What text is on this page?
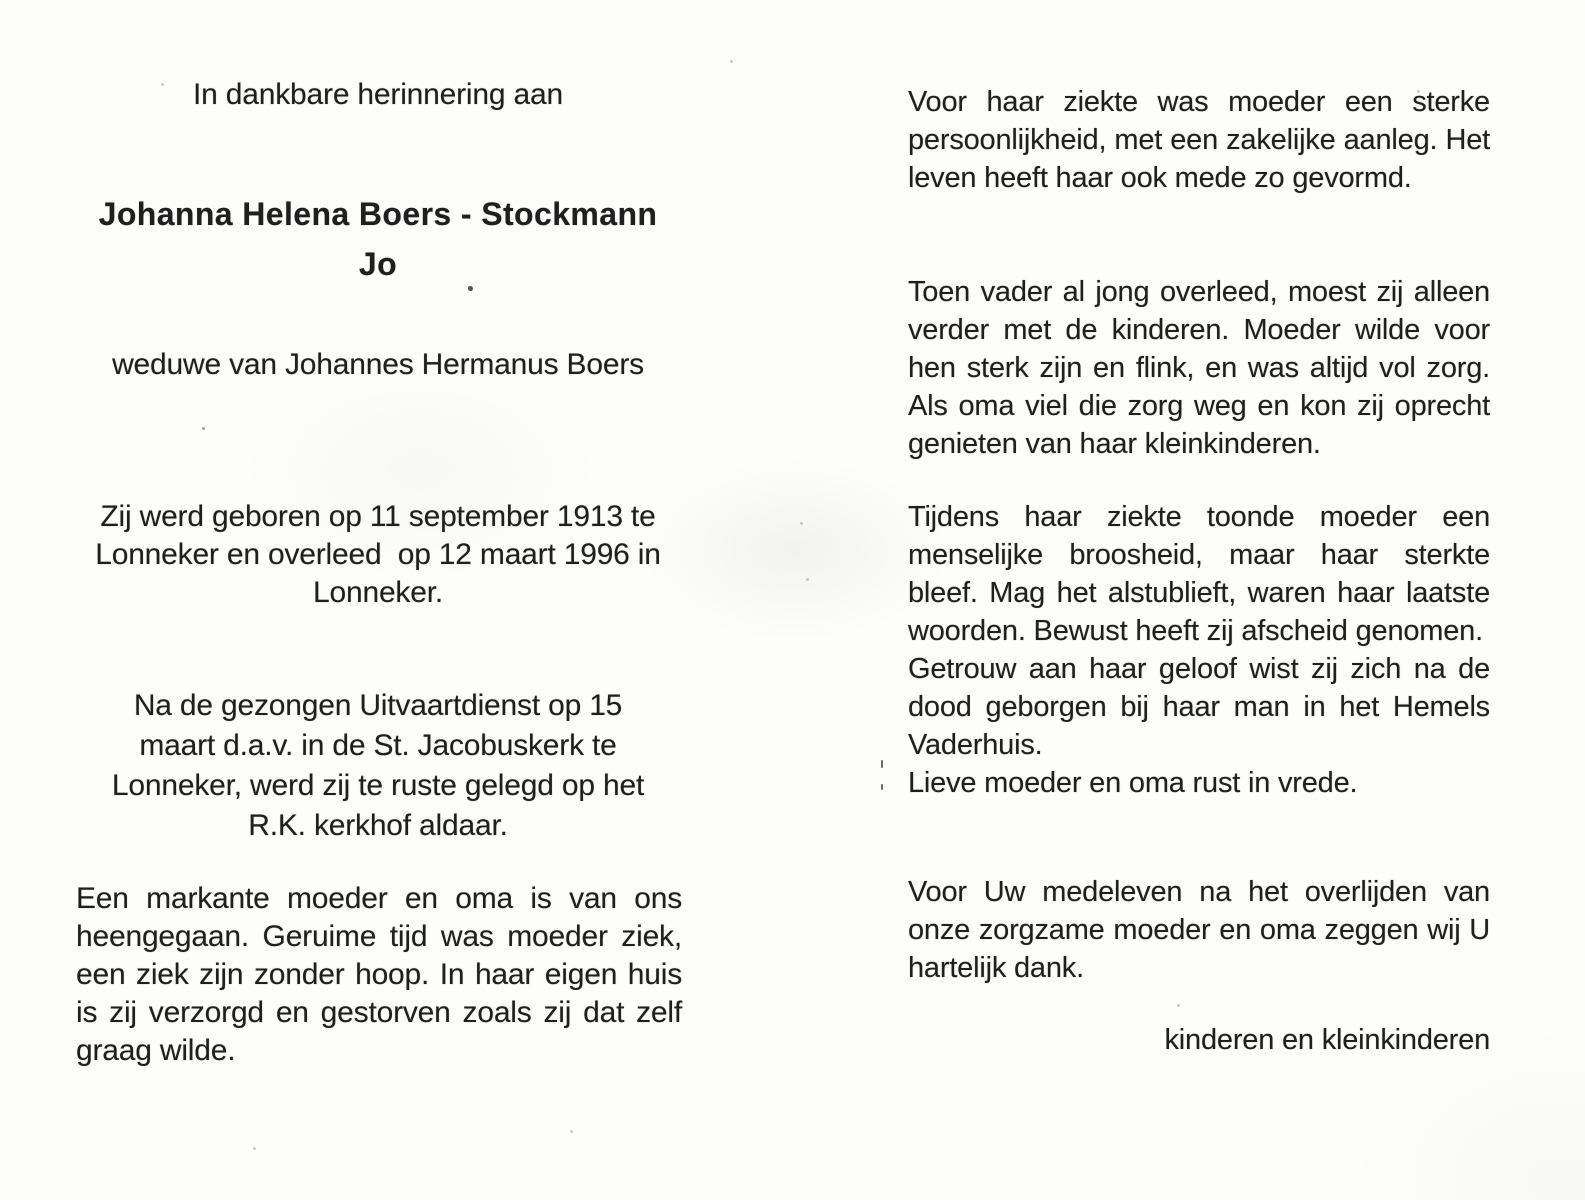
In dankbare herinnering aan
Johanna Helena Boers - Stockmann
Jo
weduwe van Johannes Hermanus Boers
Zij werd geboren op 11 september 1913 te
Lonneker en overleed  op 12 maart 1996 in
Lonneker.
Na de gezongen Uitvaartdienst op 15
maart d.a.v. in de St. Jacobuskerk te
Lonneker, werd zij te ruste gelegd op het
R.K. kerkhof aldaar.
Een markante moeder en oma is van ons heengegaan. Geruime tijd was moeder ziek, een ziek zijn zonder hoop. In haar eigen huis is zij verzorgd en gestorven zoals zij dat zelf graag wilde.
Voor haar ziekte was moeder een sterke persoonlijkheid, met een zakelijke aanleg. Het leven heeft haar ook mede zo gevormd.
Toen vader al jong overleed, moest zij alleen verder met de kinderen. Moeder wilde voor hen sterk zijn en flink, en was altijd vol zorg. Als oma viel die zorg weg en kon zij oprecht genieten van haar kleinkinderen.

Tijdens haar ziekte toonde moeder een menselijke broosheid, maar haar sterkte bleef. Mag het alstublieft, waren haar laatste woorden. Bewust heeft zij afscheid genomen.

Getrouw aan haar geloof wist zij zich na de dood geborgen bij haar man in het Hemels Vaderhuis.

Lieve moeder en oma rust in vrede.

Voor Uw medeleven na het overlijden van onze zorgzame moeder en oma zeggen wij U hartelijk dank.
kinderen en kleinkinderen
